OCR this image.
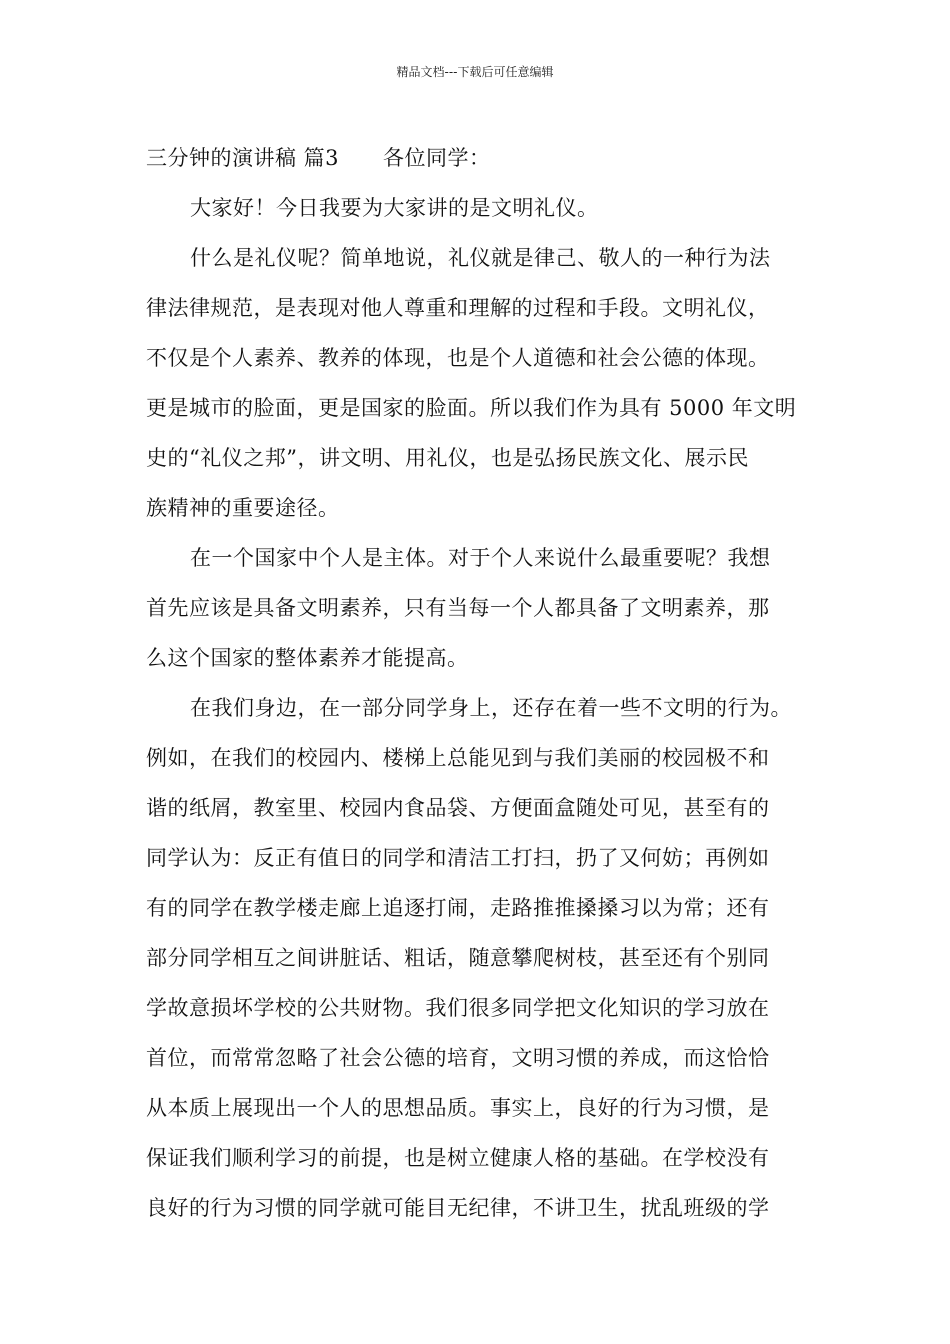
精品文档---下载后可任意编辑
三分钟的演讲稿 篇3 各位同学：
大家好！今日我要为大家讲的是文明礼仪。
什么是礼仪呢？简单地说，礼仪就是律己、敬人的一种行为法
律法律规范，是表现对他人尊重和理解的过程和手段。文明礼仪，
不仅是个人素养、教养的体现，也是个人道德和社会公德的体现。
更是城市的脸面，更是国家的脸面。所以我们作为具有 5000 年文明
史的“礼仪之邦”，讲文明、用礼仪，也是弘扬民族文化、展示民
族精神的重要途径。
在一个国家中个人是主体。对于个人来说什么最重要呢？我想
首先应该是具备文明素养，只有当每一个人都具备了文明素养，那
么这个国家的整体素养才能提高。
在我们身边，在一部分同学身上，还存在着一些不文明的行为。
例如，在我们的校园内、楼梯上总能见到与我们美丽的校园极不和
谐的纸屑，教室里、校园内食品袋、方便面盒随处可见，甚至有的
同学认为：反正有值日的同学和清洁工打扫，扔了又何妨；再例如
有的同学在教学楼走廊上追逐打闹，走路推推搡搡习以为常；还有
部分同学相互之间讲脏话、粗话，随意攀爬树枝，甚至还有个别同
学故意损坏学校的公共财物。我们很多同学把文化知识的学习放在
首位，而常常忽略了社会公德的培育，文明习惯的养成，而这恰恰
从本质上展现出一个人的思想品质。事实上，良好的行为习惯，是
保证我们顺利学习的前提，也是树立健康人格的基础。在学校没有
良好的行为习惯的同学就可能目无纪律，不讲卫生，扰乱班级的学
